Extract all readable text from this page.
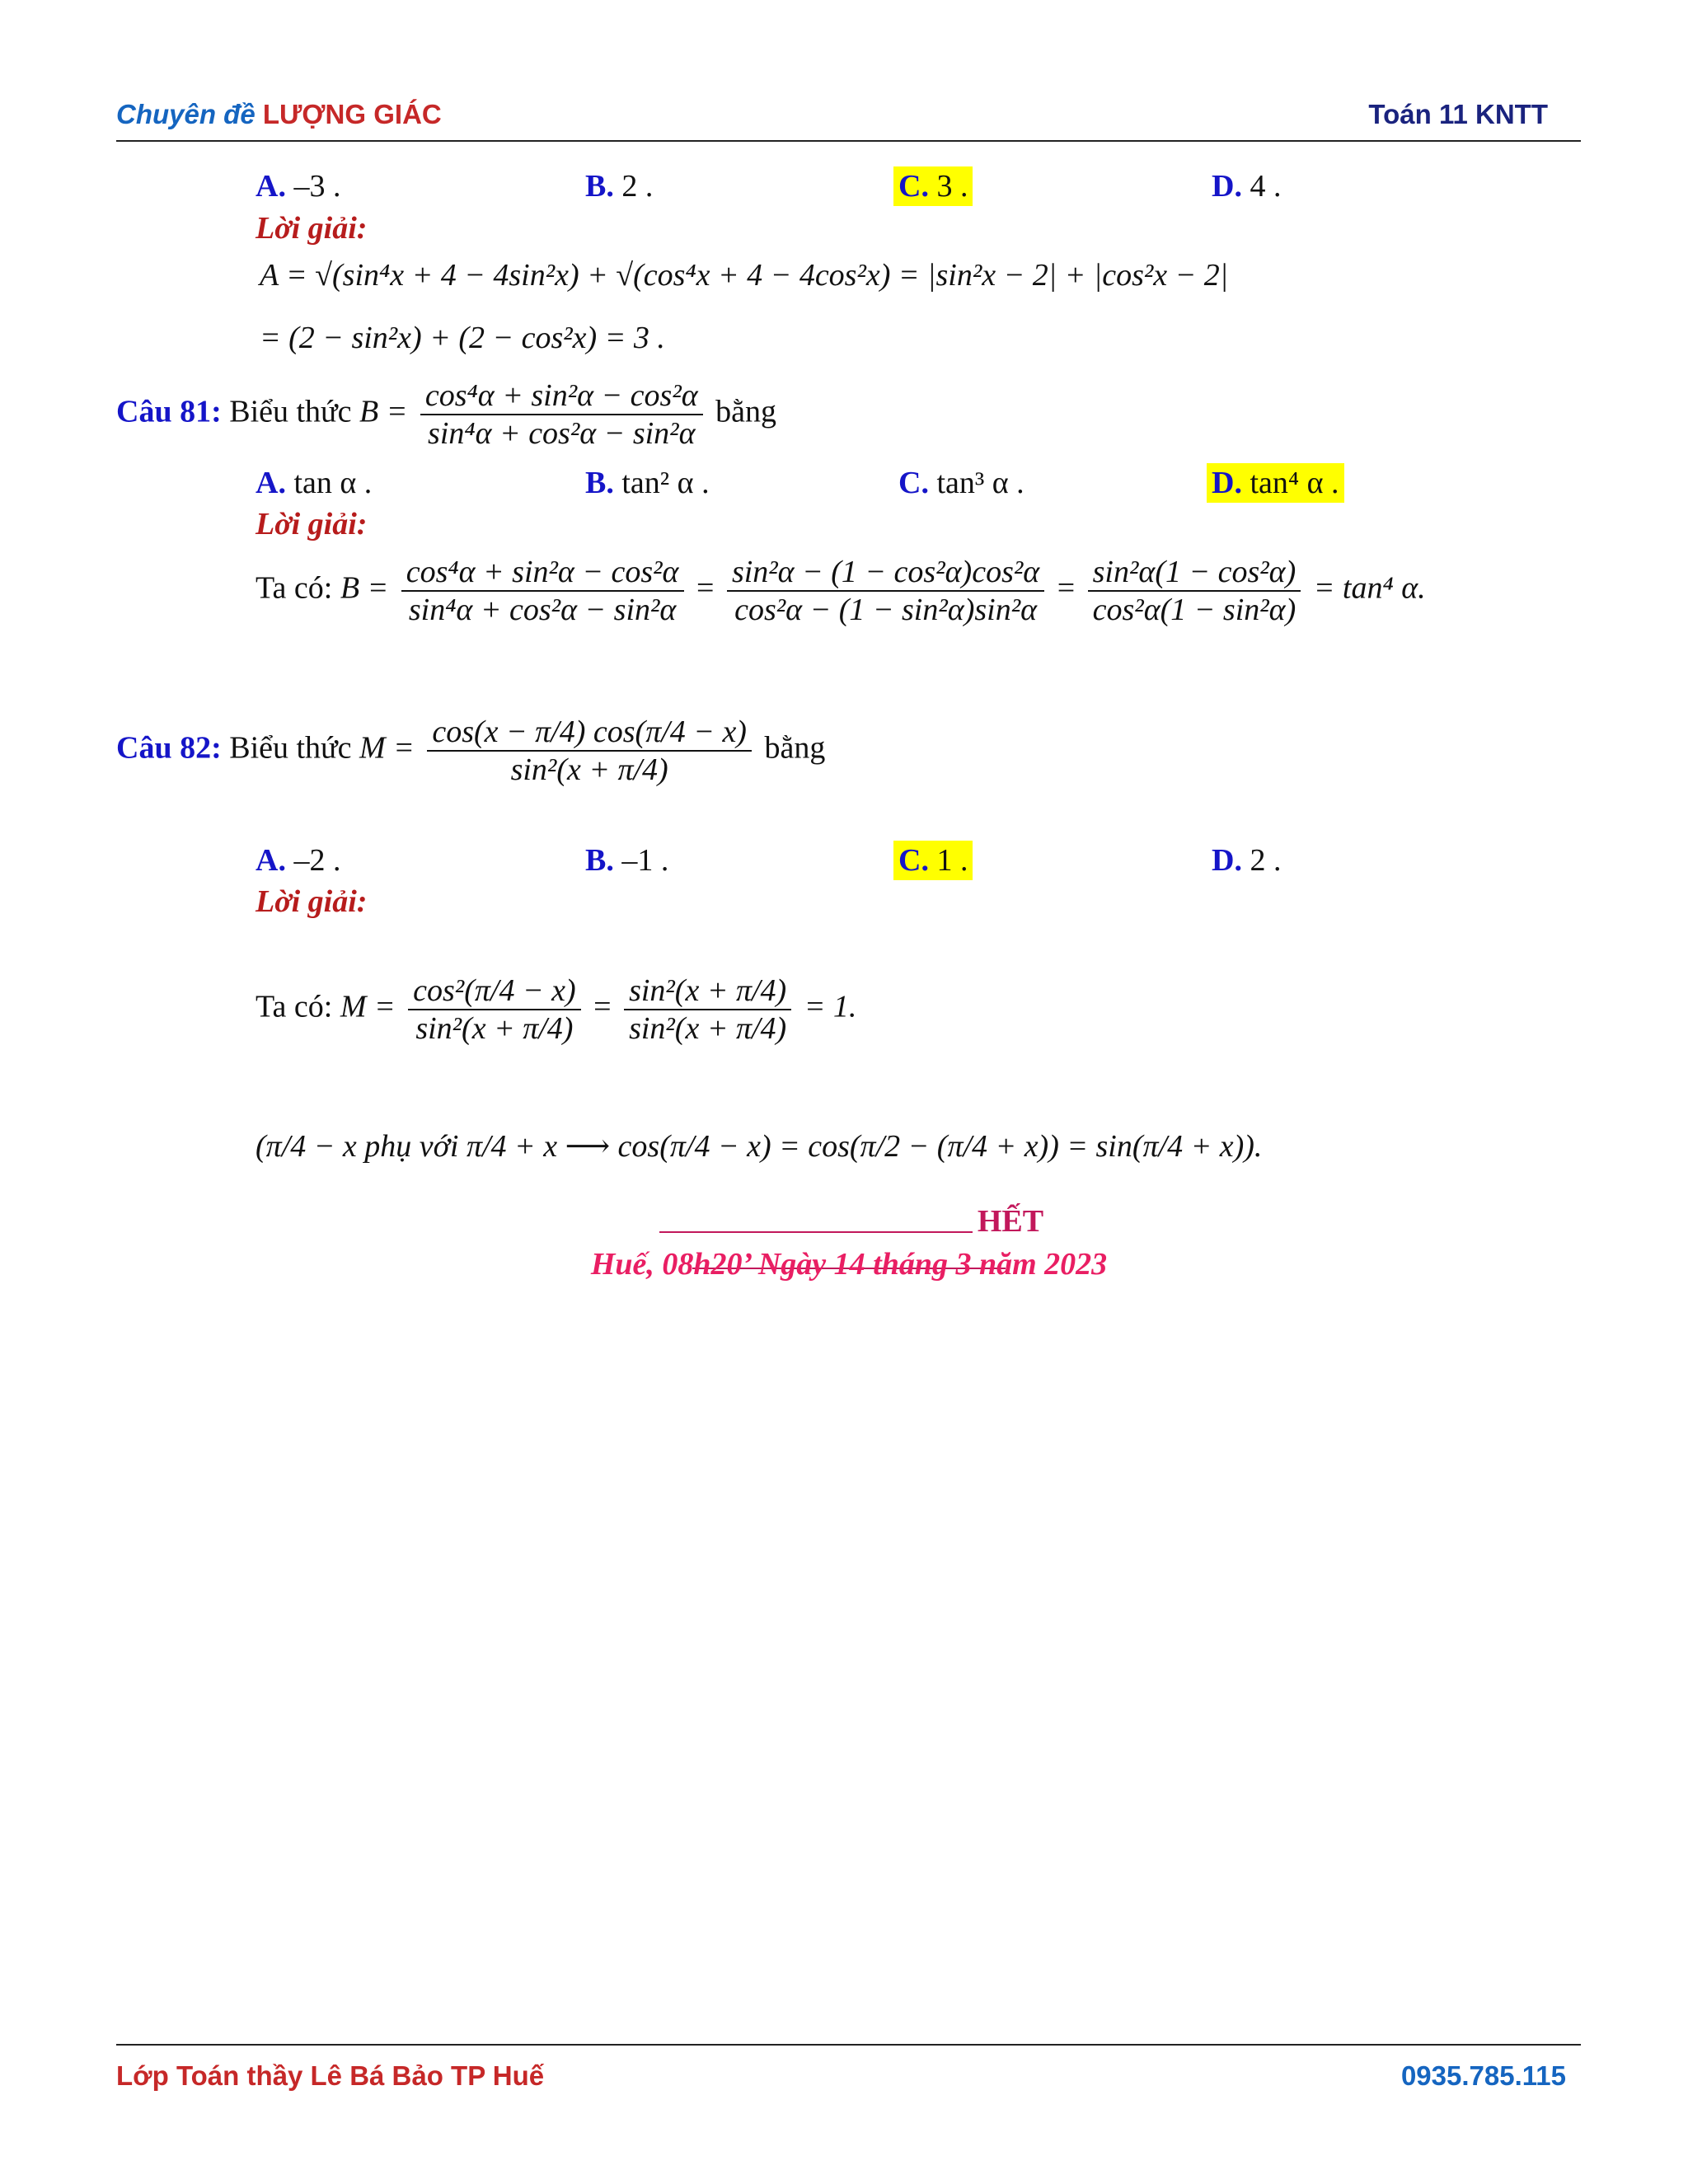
Chuyên đề LƯỢNG GIÁC	Toán 11 KNTT
A. –3 .	B. 2 .	C. 3 .	D. 4 .
Lời giải:
A = √(sin⁴x + 4 − 4sin²x) + √(cos⁴x + 4 − 4cos²x) = |sin²x − 2| + |cos²x − 2|
= (2 − sin²x) + (2 − cos²x) = 3 .
Câu 81: Biểu thức $B = \frac{\text{cos⁴α + sin²α − cos²α}}{\text{sin⁴α + cos²α − sin²α}}$ bằng
A. tan α .	B. tan² α .	C. tan³ α .	D. tan⁴ α .
Lời giải:
Ta có: $B = \frac{\text{cos⁴α + sin²α − cos²α}}{\text{sin⁴α + cos²α − sin²α}} = \frac{\text{sin²α − (1 − cos²α)cos²α}}{\text{cos²α − (1 − sin²α)sin²α}} = \frac{\text{sin²α(1 − cos²α)}}{\text{cos²α(1 − sin²α)}} = \tan^4$ α.
Câu 82: Biểu thức $M = \frac{\cos(x - \pi/4) \cos(\pi/4 - x)}{\text{sin²(x + π/4)}}$ bằng
A. –2 .	B. –1 .	C. 1 .	D. 2 .
Lời giải:
Ta có: $M = \frac{\text{cos²(π/4 − x)}}{\text{sin²(x + π/4)}} = \frac{\text{sin²(x + π/4)}}{\text{sin²(x + π/4)}} = 1$.
(π/4 − x phụ với π/4 + x ⟶ cos(π/4 − x) = cos(π/2 − (π/4 + x)) = sin(π/4 + x)).
HẾT
Huế, 08h20’ Ngày 14 tháng 3 năm 2023
Lớp Toán thầy Lê Bá Bảo TP Huế	0935.785.115
